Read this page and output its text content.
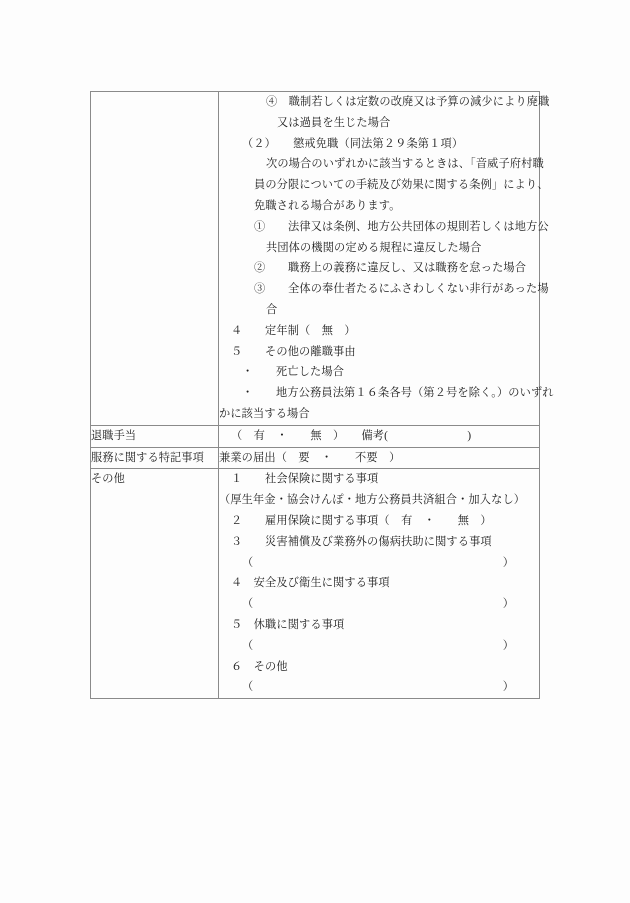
④　職制若しくは定数の改廃又は予算の減少により廃職
又は過員を生じた場合
（２）　　懲戒免職（同法第２９条第１項）
次の場合のいずれかに該当するときは、「音威子府村職
員の分限についての手続及び効果に関する条例」により、
免職される場合があります。
①　　法律又は条例、地方公共団体の規則若しくは地方公
共団体の機関の定める規程に違反した場合
②　　職務上の義務に違反し、又は職務を怠った場合
③　　全体の奉仕者たるにふさわしくない非行があった場
合
４　　定年制（　無　）
５　　その他の離職事由
・　　死亡した場合
・　　地方公務員法第１６条各号（第２号を除く。）のいずれ
かに該当する場合

退職手当	（　有　・　　無　）　　備考(　　　　　　　)

服務に関する特記事項	兼業の届出（　要　・　　不要　）

その他	１　　社会保険に関する事項
（厚生年金・協会けんぽ・地方公務員共済組合・加入なし）
２　　雇用保険に関する事項（　有　・　　無　）
３　　災害補償及び業務外の傷病扶助に関する事項
（　　　　　　　　　　　　　　　　　　　　　　）
４　安全及び衛生に関する事項
（　　　　　　　　　　　　　　　　　　　　　　）
５　休職に関する事項
（　　　　　　　　　　　　　　　　　　　　　　）
６　その他
（　　　　　　　　　　　　　　　　　　　　　　）
